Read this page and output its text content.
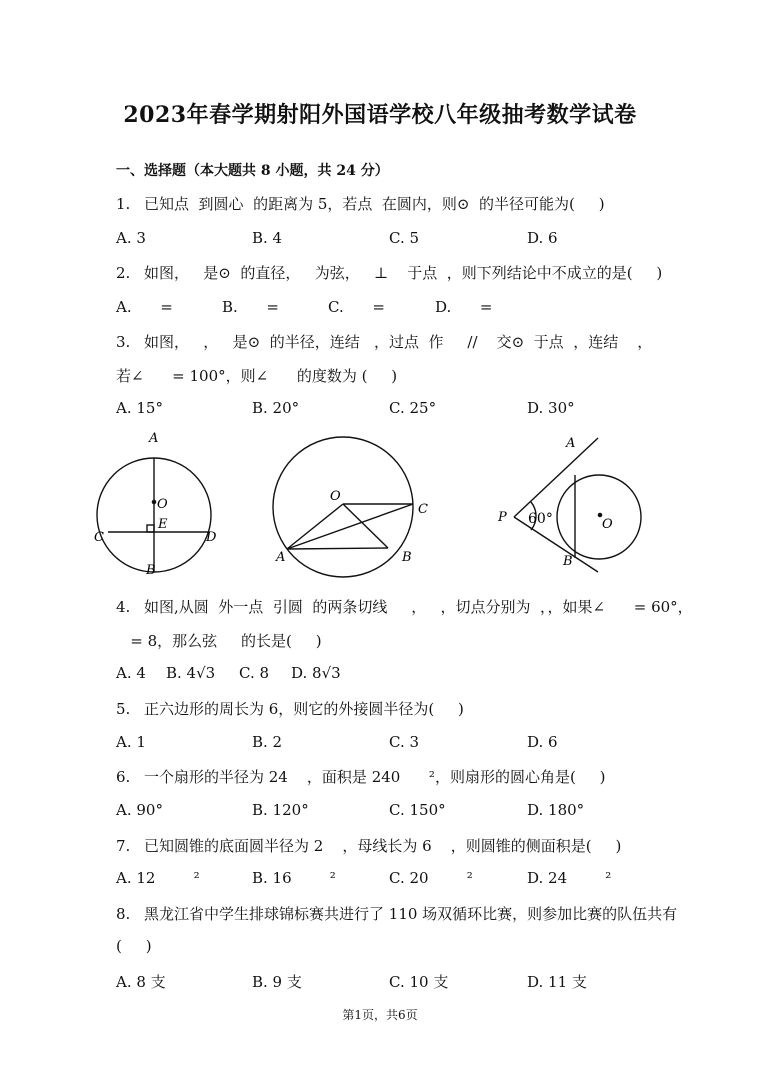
2023年春学期射阳外国语学校八年级抽考数学试卷
一、选择题（本大题共 8 小题，共 24 分）
1. 已知点  到圆心  的距离为 5，若点  在圆内，则⊙  的半径可能为(     )
A. 3	B. 4	C. 5	D. 6
2. 如图，   是⊙  的直径，   为弦，   ⊥    于点  ，则下列结论中不成立的是(     )
A.      =	B.      =	C.      =	D.      =
3. 如图，   ，   是⊙  的半径，连结   ，过点  作     //    交⊙  于点  ，连结    ，
若∠      = 100°，则∠      的度数为 (     )
A. 15°	B. 20°	C. 25°	D. 30°
A
O
E
C	D
B
O
C
A	B
A
P 60°	O
B
4. 如图,从圆  外一点  引圆  的两条切线     ，   ，切点分别为  ，，如果∠      = 60°，
= 8，那么弦     的长是(     )
A. 4 B. 4√3 C. 8 D. 8√3
5. 正六边形的周长为 6，则它的外接圆半径为(     )
A. 1	B. 2	C. 3	D. 6
6. 一个扇形的半径为 24    ，面积是 240      ²，则扇形的圆心角是(     )
A. 90°	B. 120°	C. 150°	D. 180°
7. 已知圆锥的底面圆半径为 2    ，母线长为 6    ，则圆锥的侧面积是(     )
A. 12        ²	B. 16        ²	C. 20        ²	D. 24        ²
8. 黑龙江省中学生排球锦标赛共进行了 110 场双循环比赛，则参加比赛的队伍共有
(     )
A. 8 支	B. 9 支	C. 10 支	D. 11 支
第1页，共6页
